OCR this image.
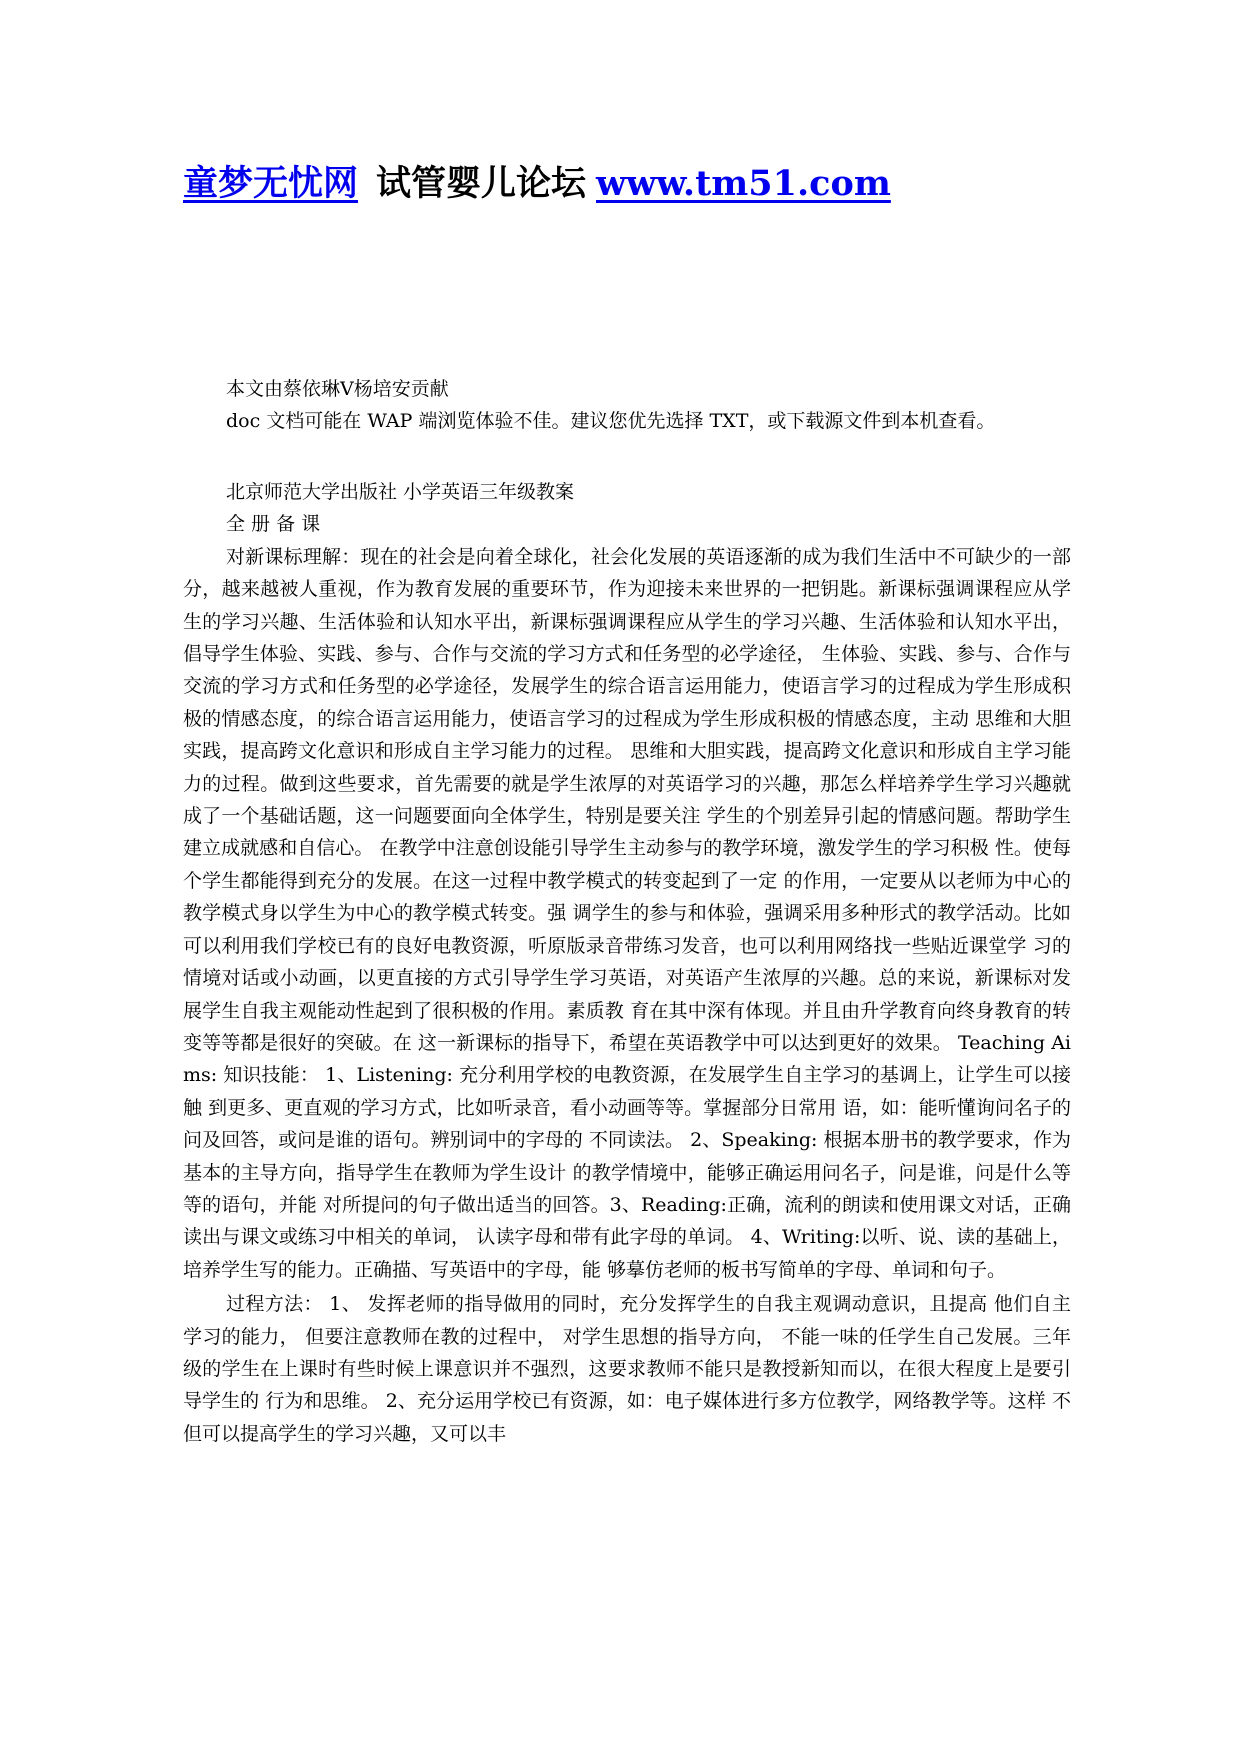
童梦无忧网 试管婴儿论坛 www.tm51.com

本文由蔡依琳Ⅴ杨培安贡献

doc 文档可能在 WAP 端浏览体验不佳。建议您优先选择 TXT，或下载源文件到本机查看。

北京师范大学出版社 小学英语三年级教案

全 册 备 课

对新课标理解：现在的社会是向着全球化，社会化发展的英语逐渐的成为我们生活中不可缺少的一部分，越来越被人重视，作为教育发展的重要环节，作为迎接未来世界的一把钥匙。新课标强调课程应从学生的学习兴趣、生活体验和认知水平出，新课标强调课程应从学生的学习兴趣、生活体验和认知水平出，倡导学生体验、实践、参与、合作与交流的学习方式和任务型的必学途径， 生体验、实践、参与、合作与交流的学习方式和任务型的必学途径，发展学生的综合语言运用能力，使语言学习的过程成为学生形成积极的情感态度，的综合语言运用能力，使语言学习的过程成为学生形成积极的情感态度，主动 思维和大胆实践，提高跨文化意识和形成自主学习能力的过程。 思维和大胆实践，提高跨文化意识和形成自主学习能力的过程。做到这些要求，首先需要的就是学生浓厚的对英语学习的兴趣，那怎么样培养学生学习兴趣就成了一个基础话题，这一问题要面向全体学生，特别是要关注 学生的个别差异引起的情感问题。帮助学生建立成就感和自信心。 在教学中注意创设能引导学生主动参与的教学环境，激发学生的学习积极 性。使每个学生都能得到充分的发展。在这一过程中教学模式的转变起到了一定 的作用，一定要从以老师为中心的教学模式身以学生为中心的教学模式转变。强 调学生的参与和体验，强调采用多种形式的教学活动。比如可以利用我们学校已有的良好电教资源，听原版录音带练习发音，也可以利用网络找一些贴近课堂学 习的情境对话或小动画，以更直接的方式引导学生学习英语，对英语产生浓厚的兴趣。总的来说，新课标对发展学生自我主观能动性起到了很积极的作用。素质教 育在其中深有体现。并且由升学教育向终身教育的转变等等都是很好的突破。在 这一新课标的指导下，希望在英语教学中可以达到更好的效果。 Teaching Aims: 知识技能： 1、Listening: 充分利用学校的电教资源，在发展学生自主学习的基调上，让学生可以接触 到更多、更直观的学习方式，比如听录音，看小动画等等。掌握部分日常用 语，如：能听懂询问名子的问及回答，或问是谁的语句。辨别词中的字母的 不同读法。 2、Speaking: 根据本册书的教学要求，作为基本的主导方向，指导学生在教师为学生设计 的教学情境中，能够正确运用问名子，问是谁，问是什么等等的语句，并能 对所提问的句子做出适当的回答。3、Reading:正确，流利的朗读和使用课文对话，正确读出与课文或练习中相关的单词， 认读字母和带有此字母的单词。 4、Writing:以听、说、读的基础上，培养学生写的能力。正确描、写英语中的字母，能 够摹仿老师的板书写简单的字母、单词和句子。

过程方法： 1、 发挥老师的指导做用的同时，充分发挥学生的自我主观调动意识，且提高 他们自主学习的能力， 但要注意教师在教的过程中， 对学生思想的指导方向， 不能一味的任学生自己发展。三年级的学生在上课时有些时候上课意识并不强烈，这要求教师不能只是教授新知而以，在很大程度上是要引导学生的 行为和思维。 2、充分运用学校已有资源，如：电子媒体进行多方位教学，网络教学等。这样 不但可以提高学生的学习兴趣，又可以丰
